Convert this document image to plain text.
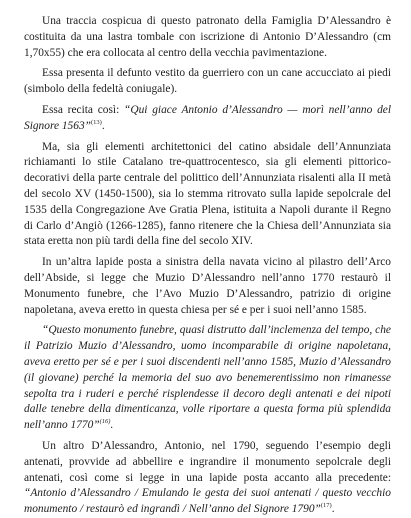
Una traccia cospicua di questo patronato della Famiglia D’Alessandro è costituita da una lastra tombale con iscrizione di Antonio D’Alessandro (cm 1,70x55) che era collocata al centro della vecchia pavimentazione.

Essa presenta il defunto vestito da guerriero con un cane accucciato ai piedi (simbolo della fedeltà coniugale).

Essa recita così: “Qui giace Antonio d’Alessandro — morì nell’anno del Signore 1563”$^{(13)}$.

Ma, sia gli elementi architettonici del catino absidale dell’Annunziata richiamanti lo stile Catalano tre-quattrocentesco, sia gli elementi pittorico-decorativi della parte centrale del polittico dell’Annunziata risalenti alla II metà del secolo XV (1450-1500), sia lo stemma ritrovato sulla lapide sepolcrale del 1535 della Congregazione Ave Gratia Plena, istituita a Napoli durante il Regno di Carlo d’Angiò (1266-1285), fanno ritenere che la Chiesa dell’Annunziata sia stata eretta non più tardi della fine del secolo XIV.

In un’altra lapide posta a sinistra della navata vicino al pilastro dell’Arco dell’Abside, si legge che Muzio D’Alessandro nell’anno 1770 restaurò il Monumento funebre, che l’Avo Muzio D’Alessandro, patrizio di origine napoletana, aveva eretto in questa chiesa per sé e per i suoi nell’anno 1585.

“Questo monumento funebre, quasi distrutto dall’inclemenza del tempo, che il Patrizio Muzio d’Alessandro, uomo incomparabile di origine napoletana, aveva eretto per sé e per i suoi discendenti nell’anno 1585, Muzio d’Alessandro (il giovane) perché la memoria del suo avo benemerentissimo non rimanesse sepolta tra i ruderi e perché risplendesse il decoro degli antenati e dei nipoti dalle tenebre della dimenticanza, volle riportare a questa forma più splendida nell’anno 1770”$^{(16)}$.

Un altro D’Alessandro, Antonio, nel 1790, seguendo l’esempio degli antenati, provvide ad abbellire e ingrandire il monumento sepolcrale degli antenati, così come si legge in una lapide posta accanto alla precedente: “Antonio d’Alessandro / Emulando le gesta dei suoi antenati / questo vecchio monumento / restaurò ed ingrandì / Nell’anno del Signore 1790”$^{(17)}$.
